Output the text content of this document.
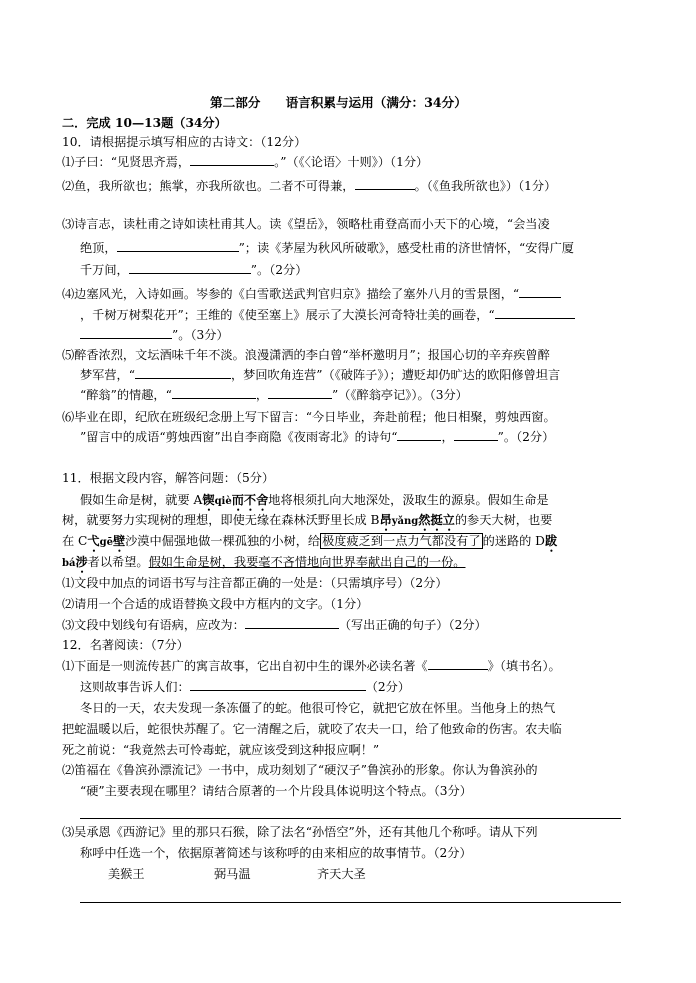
第二部分　　语言积累与运用（满分：34分）
二．完成 10—13题（34分）
10．请根据提示填写相应的古诗文：（12分）
⑴子曰：“见贤思齐焉，	。”（《〈论语〉十则》）（1分）
⑵鱼，我所欲也；熊掌，亦我所欲也。二者不可得兼，	。（《鱼我所欲也》）（1分）
⑶诗言志，读杜甫之诗如读杜甫其人。读《望岳》，领略杜甫登高而小天下的心境，“会当凌
绝顶，	”；读《茅屋为秋风所破歌》，感受杜甫的济世情怀，“安得广厦
千万间，	”。（2分）
⑷边塞风光，入诗如画。岑参的《白雪歌送武判官归京》描绘了塞外八月的雪景图，“
，千树万树梨花开”；王维的《使至塞上》展示了大漠长河奇特壮美的画卷，“
”。（3分）
⑸醉香浓烈，文坛酒味千年不淡。浪漫潇洒的李白曾“举杯邀明月”；报国心切的辛弃疾曾醉
梦军营，“	，梦回吹角连营”（《破阵子》）；遭贬却仍旷达的欧阳修曾坦言
“醉翁”的情趣，“	，	”（《醉翁亭记》）。（3分）
⑹毕业在即，纪欣在班级纪念册上写下留言：“今日毕业，奔赴前程；他日相聚，剪烛西窗。
”留言中的成语“剪烛西窗”出自李商隐《夜雨寄北》的诗句“	，	”。（2分）
11．根据文段内容，解答问题：（5分）
假如生命是树，就要 A锲qiè而不舍地将根须扎向大地深处，汲取生的源泉。假如生命是
树，就要努力实现树的理想，即使无缘在森林沃野里长成 B昂yǎng然挺立的参天大树，也要
在 C弋gē壁沙漠中倔强地做一棵孤独的小树，给 极度疲乏到一点力气都没有了 的迷路的 D跋
bá涉者以希望。假如生命是树，我要毫不吝惜地向世界奉献出自己的一份。
⑴文段中加点的词语书写与注音都正确的一处是：（只需填序号）（2分）
⑵请用一个合适的成语替换文段中方框内的文字。（1分）
⑶文段中划线句有语病，应改为：	（写出正确的句子）（2分）
12．名著阅读：（7分）
⑴下面是一则流传甚广的寓言故事，它出自初中生的课外必读名著《	》（填书名）。
这则故事告诉人们：	（2分）
冬日的一天，农夫发现一条冻僵了的蛇。他很可怜它，就把它放在怀里。当他身上的热气
把蛇温暖以后，蛇很快苏醒了。它一清醒之后，就咬了农夫一口，给了他致命的伤害。农夫临
死之前说：“我竟然去可怜毒蛇，就应该受到这种报应啊！”
⑵笛福在《鲁滨孙漂流记》一书中，成功刻划了“硬汉子”鲁滨孙的形象。你认为鲁滨孙的
“硬”主要表现在哪里？请结合原著的一个片段具体说明这个特点。（3分）
⑶吴承恩《西游记》里的那只石猴，除了法名“孙悟空”外，还有其他几个称呼。请从下列
称呼中任选一个，依据原著简述与该称呼的由来相应的故事情节。（2分）
美猴王	弼马温	齐天大圣
